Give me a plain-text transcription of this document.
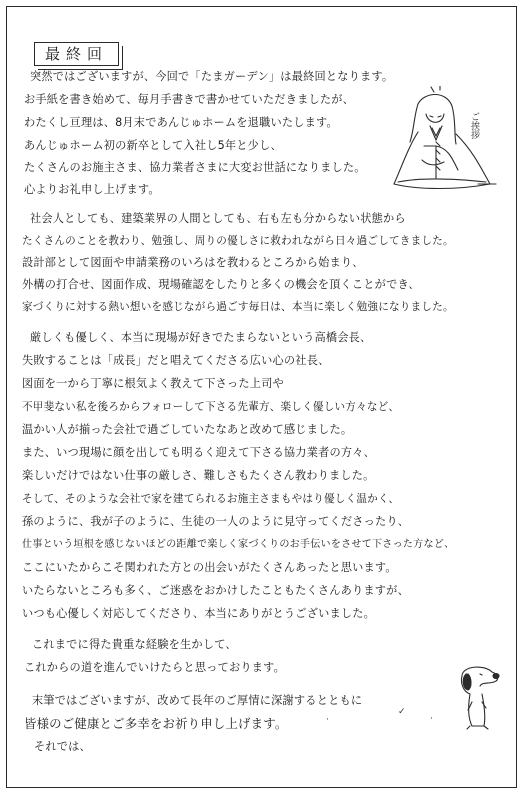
最終回
突然ではございますが、今回で「たまガーデン」は最終回となります。
お手紙を書き始めて、毎月手書きで書かせていただきましたが、
わたくし亘理は、8月末であんじゅホームを退職いたします。
あんじゅホーム初の新卒として入社し5年と少し、
たくさんのお施主さま、協力業者さまに大変お世話になりました。
心よりお礼申し上げます。
社会人としても、建築業界の人間としても、右も左も分からない状態から
たくさんのことを教わり、勉強し、周りの優しさに救われながら日々過ごしてきました。
設計部として図面や申請業務のいろはを教わるところから始まり、
外構の打合せ、図面作成、現場確認をしたりと多くの機会を頂くことができ、
家づくりに対する熱い想いを感じながら過ごす毎日は、本当に楽しく勉強になりました。
厳しくも優しく、本当に現場が好きでたまらないという高橋会長、
失敗することは「成長」だと唱えてくださる広い心の社長、
図面を一から丁寧に根気よく教えて下さった上司や
不甲斐ない私を後ろからフォローして下さる先輩方、楽しく優しい方々など、
温かい人が揃った会社で過ごしていたなあと改めて感じました。
また、いつ現場に顔を出しても明るく迎えて下さる協力業者の方々、
楽しいだけではない仕事の厳しさ、難しさもたくさん教わりました。
そして、そのような会社で家を建てられるお施主さまもやはり優しく温かく、
孫のように、我が子のように、生徒の一人のように見守ってくださったり、
仕事という垣根を感じないほどの距離で楽しく家づくりのお手伝いをさせて下さった方など、
ここにいたからこそ関われた方との出会いがたくさんあったと思います。
いたらないところも多く、ご迷惑をおかけしたこともたくさんありますが、
いつも心優しく対応してくださり、本当にありがとうございました。
これまでに得た貴重な経験を生かして、
これからの道を進んでいけたらと思っております。
末筆ではございますが、改めて長年のご厚情に深謝するとともに
皆様のご健康とご多幸をお祈り申し上げます。
それでは、
ご挨拶
·
✓
·
